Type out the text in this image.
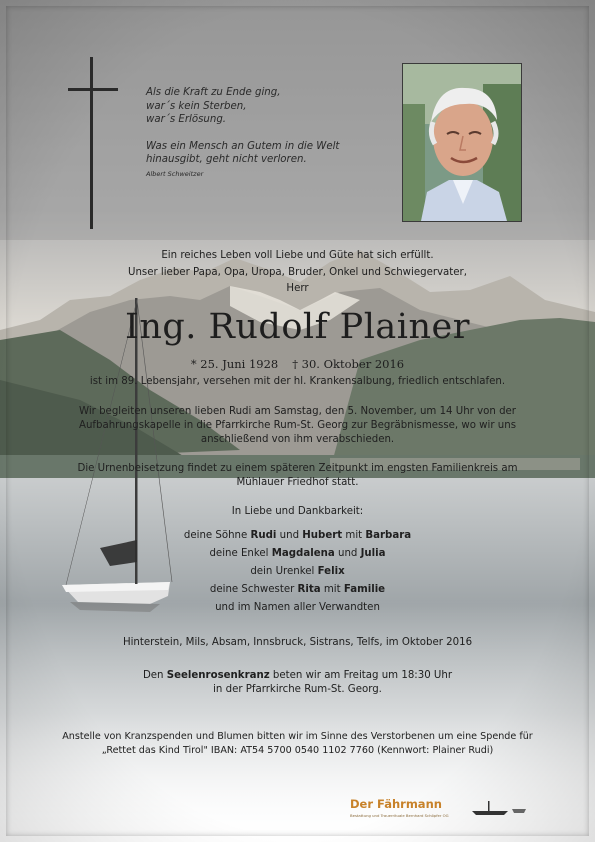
Als die Kraft zu Ende ging,
war´s kein Sterben,
war´s Erlösung.
Was ein Mensch an Gutem in die Welt
hinausgibt, geht nicht verloren.
Albert Schweitzer
Ein reiches Leben voll Liebe und Güte hat sich erfüllt.
Unser lieber Papa, Opa, Uropa, Bruder, Onkel und Schwiegervater,
Herr
Ing. Rudolf Plainer
* 25. Juni 1928 † 30. Oktober 2016
ist im 89. Lebensjahr, versehen mit der hl. Krankensalbung, friedlich entschlafen.
Wir begleiten unseren lieben Rudi am Samstag, den 5. November, um 14 Uhr von der
Aufbahrungskapelle in die Pfarrkirche Rum-St. Georg zur Begräbnismesse, wo wir uns
anschließend von ihm verabschieden.
Die Urnenbeisetzung findet zu einem späteren Zeitpunkt im engsten Familienkreis am
Mühlauer Friedhof statt.
In Liebe und Dankbarkeit:
deine Söhne Rudi und Hubert mit Barbara
deine Enkel Magdalena und Julia
dein Urenkel Felix
deine Schwester Rita mit Familie
und im Namen aller Verwandten
Hinterstein, Mils, Absam, Innsbruck, Sistrans, Telfs, im Oktober 2016
Den Seelenrosenkranz beten wir am Freitag um 18:30 Uhr
in der Pfarrkirche Rum-St. Georg.
Anstelle von Kranzspenden und Blumen bitten wir im Sinne des Verstorbenen um eine Spende für
„Rettet das Kind Tirol" IBAN: AT54 5700 0540 1102 7760 (Kennwort: Plainer Rudi)
Der Fährmann
Bestattung und Trauerrituale Bernhard Schöpfer OG
